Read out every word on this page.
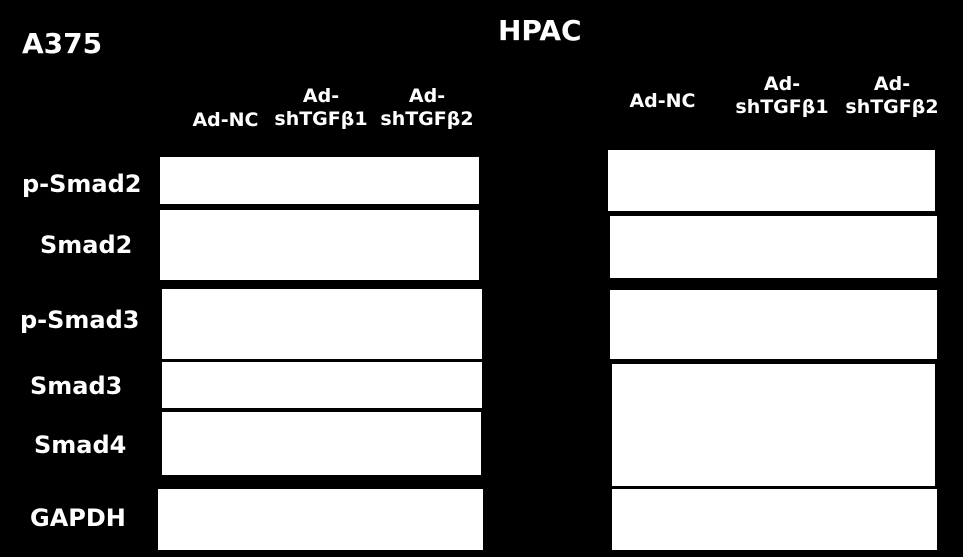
A375	HPAC
Ad-NC
Ad-
shTGFβ1
Ad-
shTGFβ2
Ad-NC
Ad-
shTGFβ1
Ad-
shTGFβ2
p-Smad2
Smad2
p-Smad3
Smad3
Smad4
GAPDH
